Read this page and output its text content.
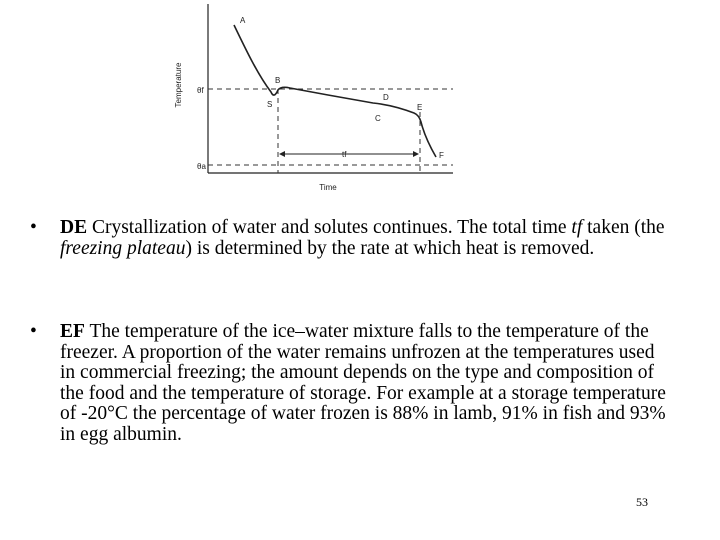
Temperature θf
θa
tf
A
B
S
D
C
E
F
Time
• DE Crystallization of water and solutes continues. The total time tf taken (the freezing plateau) is determined by the rate at which heat is removed.
• EF The temperature of the ice–water mixture falls to the temperature of the freezer. A proportion of the water remains unfrozen at the temperatures used in commercial freezing; the amount depends on the type and composition of the food and the temperature of storage. For example at a storage temperature of -20°C the percentage of water frozen is 88% in lamb, 91% in fish and 93% in egg albumin.
53
